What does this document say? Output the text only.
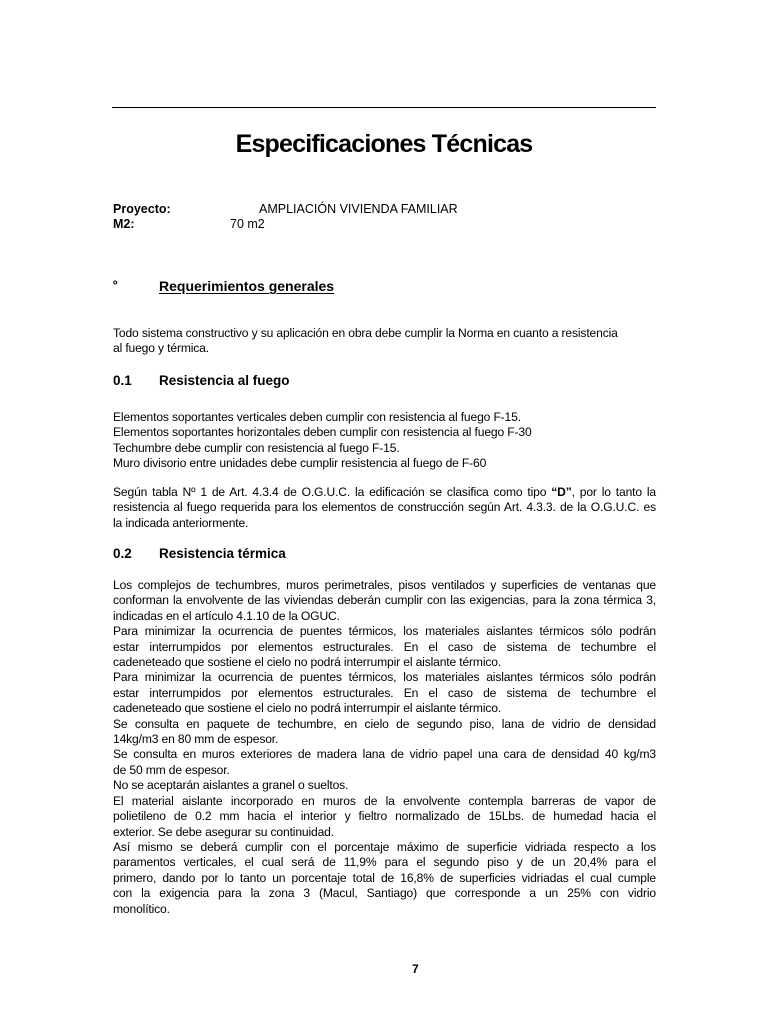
Especificaciones Técnicas
Proyecto:	AMPLIACIÓN VIVIENDA FAMILIAR
M2:	70 m2
º	Requerimientos generales
Todo sistema constructivo y su aplicación en obra debe cumplir la Norma en cuanto a resistencia
al fuego y térmica.
0.1 Resistencia al fuego
Elementos soportantes verticales deben cumplir con resistencia al fuego F-15.
Elementos soportantes horizontales deben cumplir con resistencia al fuego F-30
Techumbre debe cumplir con resistencia al fuego F-15.
Muro divisorio entre unidades debe cumplir resistencia al fuego de F-60
Según tabla Nº 1 de Art. 4.3.4 de O.G.U.C. la edificación se clasifica como tipo “D”, por lo tanto la
resistencia al fuego requerida para los elementos de construcción según Art. 4.3.3. de la O.G.U.C. es
la indicada anteriormente.
0.2 Resistencia térmica
Los complejos de techumbres, muros perimetrales, pisos ventilados y superficies de ventanas que
conforman la envolvente de las viviendas deberán cumplir con las exigencias, para la zona térmica 3,
indicadas en el artículo 4.1.10 de la OGUC.
Para minimizar la ocurrencia de puentes térmicos, los materiales aislantes térmicos sólo podrán
estar interrumpidos por elementos estructurales. En el caso de sistema de techumbre el
cadeneteado que sostiene el cielo no podrá interrumpir el aislante térmico.
Para minimizar la ocurrencia de puentes térmicos, los materiales aislantes térmicos sólo podrán
estar interrumpidos por elementos estructurales. En el caso de sistema de techumbre el
cadeneteado que sostiene el cielo no podrá interrumpir el aislante térmico.
Se consulta en paquete de techumbre, en cielo de segundo piso, lana de vidrio de densidad
14kg/m3 en 80 mm de espesor.
Se consulta en muros exteriores de madera lana de vidrio papel una cara de densidad 40 kg/m3
de 50 mm de espesor.
No se aceptarán aislantes a granel o sueltos.
El material aislante incorporado en muros de la envolvente contempla barreras de vapor de
polietileno de 0.2 mm hacia el interior y fieltro normalizado de 15Lbs. de humedad hacia el
exterior. Se debe asegurar su continuidad.
Así mismo se deberá cumplir con el porcentaje máximo de superficie vidriada respecto a los
paramentos verticales, el cual será de 11,9% para el segundo piso y de un 20,4% para el
primero, dando por lo tanto un porcentaje total de 16,8% de superficies vidriadas el cual cumple
con la exigencia para la zona 3 (Macul, Santiago) que corresponde a un 25% con vidrio
monolítico.
7
